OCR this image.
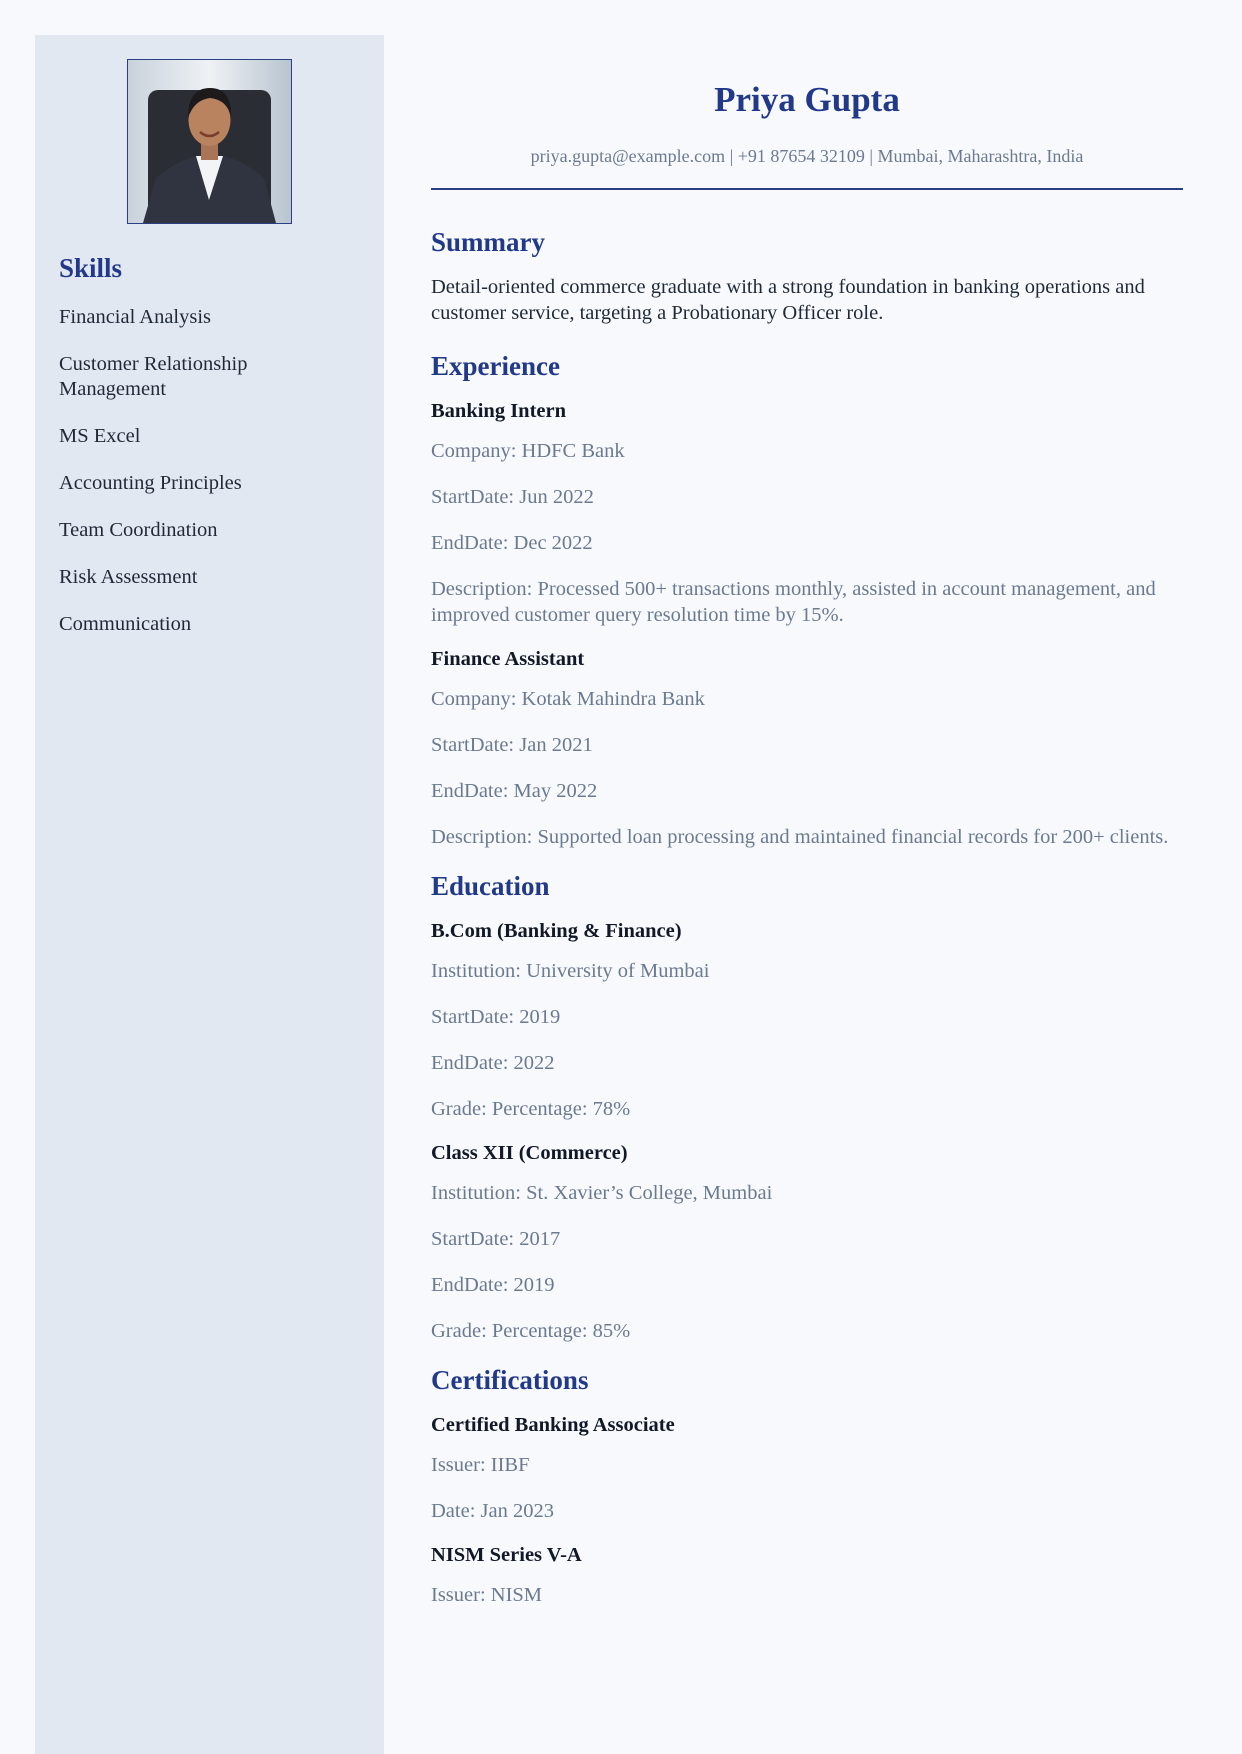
Skills
Financial Analysis
Customer Relationship Management
MS Excel
Accounting Principles
Team Coordination
Risk Assessment
Communication
Priya Gupta
priya.gupta@example.com | +91 87654 32109 | Mumbai, Maharashtra, India
Summary

Detail-oriented commerce graduate with a strong foundation in banking operations and customer service, targeting a Probationary Officer role.

Experience

Banking Intern

Company: HDFC Bank

StartDate: Jun 2022

EndDate: Dec 2022

Description: Processed 500+ transactions monthly, assisted in account management, and improved customer query resolution time by 15%.

Finance Assistant

Company: Kotak Mahindra Bank

StartDate: Jan 2021

EndDate: May 2022

Description: Supported loan processing and maintained financial records for 200+ clients.

Education

B.Com (Banking & Finance)

Institution: University of Mumbai

StartDate: 2019

EndDate: 2022

Grade: Percentage: 78%

Class XII (Commerce)

Institution: St. Xavier’s College, Mumbai

StartDate: 2017

EndDate: 2019

Grade: Percentage: 85%

Certifications

Certified Banking Associate

Issuer: IIBF

Date: Jan 2023

NISM Series V-A

Issuer: NISM
